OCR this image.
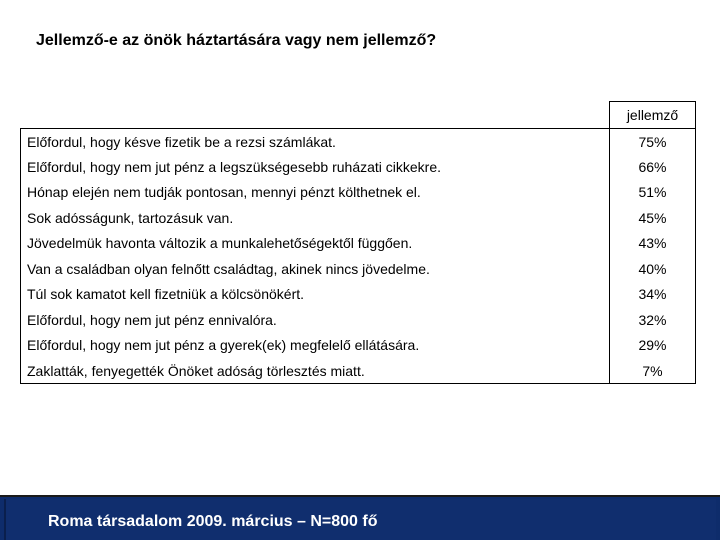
Jellemző-e az önök háztartására vagy nem jellemző?
	jellemző
Előfordul, hogy késve fizetik be a rezsi számlákat.	75%
Előfordul, hogy nem jut pénz a legszükségesebb ruházati cikkekre.	66%
Hónap elején nem tudják pontosan, mennyi pénzt költhetnek el.	51%
Sok adósságunk, tartozásuk van.	45%
Jövedelmük havonta változik a munkalehetőségektől függően.	43%
Van a családban olyan felnőtt családtag, akinek nincs jövedelme.	40%
Túl sok kamatot kell fizetniük a kölcsönökért.	34%
Előfordul, hogy nem jut pénz ennivalóra.	32%
Előfordul, hogy nem jut pénz a gyerek(ek) megfelelő ellátására.	29%
Zaklatták, fenyegették Önöket adóság törlesztés miatt.	7%
Roma társadalom 2009. március – N=800 fő
